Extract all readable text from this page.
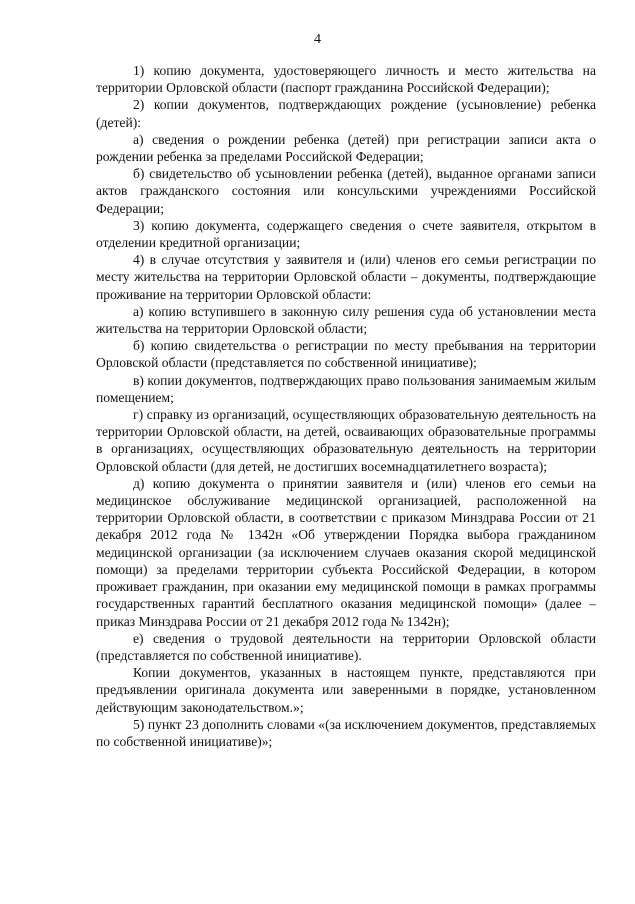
4

1) копию документа, удостоверяющего личность и место жительства на территории Орловской области (паспорт гражданина Российской Федерации);

2) копии документов, подтверждающих рождение (усыновление) ребенка (детей):

а) сведения о рождении ребенка (детей) при регистрации записи акта о рождении ребенка за пределами Российской Федерации;

б) свидетельство об усыновлении ребенка (детей), выданное органами записи актов гражданского состояния или консульскими учреждениями Российской Федерации;

3) копию документа, содержащего сведения о счете заявителя, открытом в отделении кредитной организации;

4) в случае отсутствия у заявителя и (или) членов его семьи регистрации по месту жительства на территории Орловской области – документы, подтверждающие проживание на территории Орловской области:

а) копию вступившего в законную силу решения суда об установлении места жительства на территории Орловской области;

б) копию свидетельства о регистрации по месту пребывания на территории Орловской области (представляется по собственной инициативе);

в) копии документов, подтверждающих право пользования занимаемым жилым помещением;

г) справку из организаций, осуществляющих образовательную деятельность на территории Орловской области, на детей, осваивающих образовательные программы в организациях, осуществляющих образовательную деятельность на территории Орловской области (для детей, не достигших восемнадцатилетнего возраста);

д) копию документа о принятии заявителя и (или) членов его семьи на медицинское обслуживание медицинской организацией, расположенной на территории Орловской области, в соответствии с приказом Минздрава России от 21 декабря 2012 года № 1342н «Об утверждении Порядка выбора гражданином медицинской организации (за исключением случаев оказания скорой медицинской помощи) за пределами территории субъекта Российской Федерации, в котором проживает гражданин, при оказании ему медицинской помощи в рамках программы государственных гарантий бесплатного оказания медицинской помощи» (далее – приказ Минздрава России от 21 декабря 2012 года № 1342н);

е) сведения о трудовой деятельности на территории Орловской области (представляется по собственной инициативе).

Копии документов, указанных в настоящем пункте, представляются при предъявлении оригинала документа или заверенными в порядке, установленном действующим законодательством.»;

5) пункт 23 дополнить словами «(за исключением документов, представляемых по собственной инициативе)»;
